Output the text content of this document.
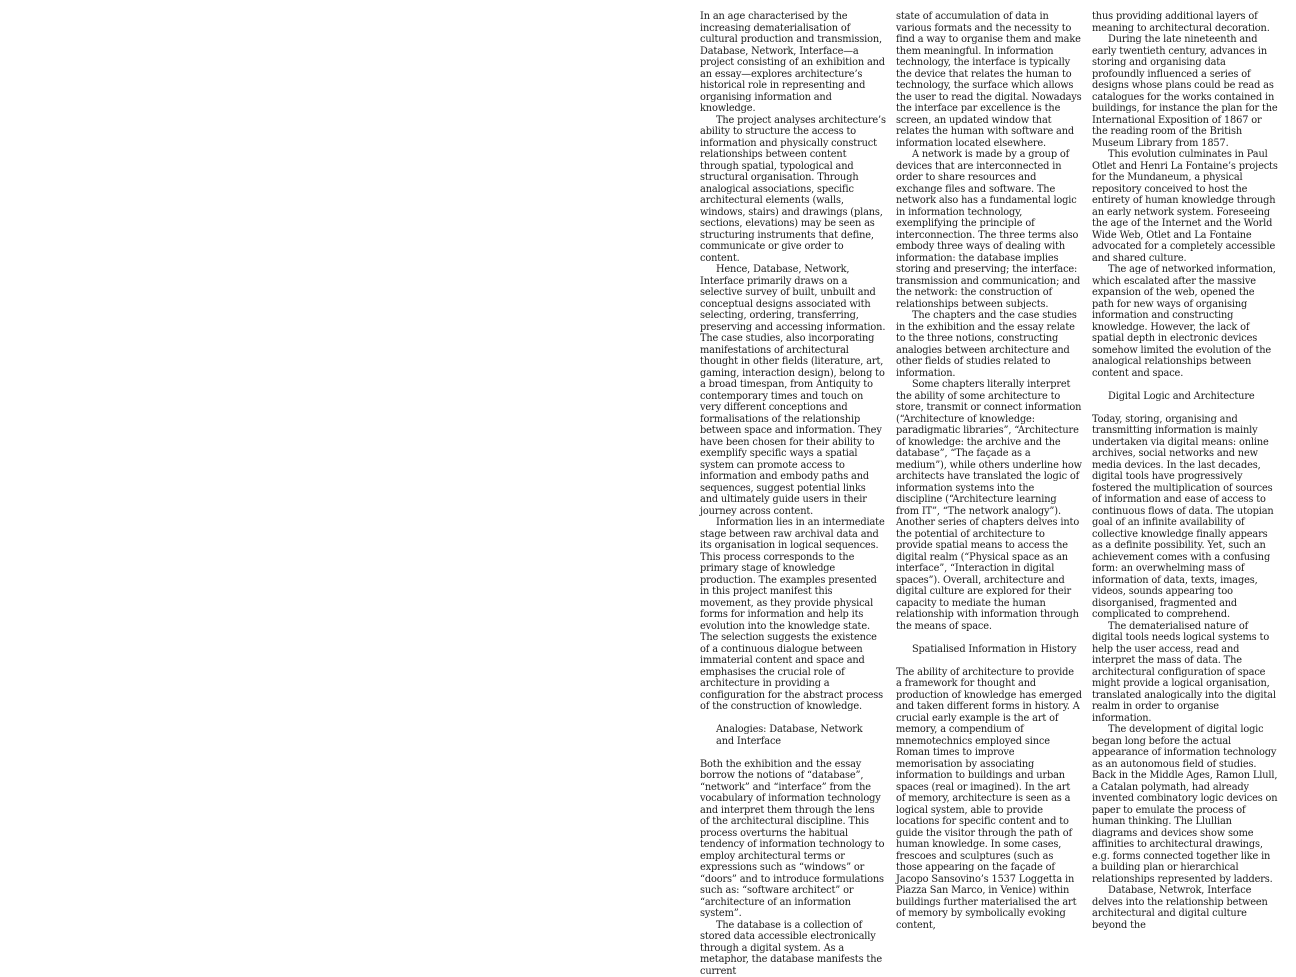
In an age characterised by the increasing dematerialisation of cultural production and transmission, Database, Network, Interface—a project consisting of an exhibition and an essay—explores architecture’s historical role in representing and organising information and knowledge.

The project analyses architecture’s ability to structure the access to information and physically construct relationships between content through spatial, typological and structural organisation. Through analogical associations, specific architectural elements (walls, windows, stairs) and drawings (plans, sections, elevations) may be seen as structuring instruments that define, communicate or give order to content.

Hence, Database, Network, Interface primarily draws on a selective survey of built, unbuilt and conceptual designs associated with selecting, ordering, transferring, preserving and accessing information. The case studies, also incorporating manifestations of architectural thought in other fields (literature, art, gaming, interaction design), belong to a broad timespan, from Antiquity to contemporary times and touch on very different conceptions and formalisations of the relationship between space and information. They have been chosen for their ability to exemplify specific ways a spatial system can promote access to information and embody paths and sequences, suggest potential links and ultimately guide users in their journey across content.

Information lies in an intermediate stage between raw archival data and its organisation in logical sequences. This process corresponds to the primary stage of knowledge production. The examples presented in this project manifest this movement, as they provide physical forms for information and help its evolution into the knowledge state. The selection suggests the existence of a continuous dialogue between immaterial content and space and emphasises the crucial role of architecture in providing a configuration for the abstract process of the construction of knowledge.

Analogies: Database, Network
and Interface

Both the exhibition and the essay borrow the notions of “database”, “network” and “interface” from the vocabulary of information technology and interpret them through the lens of the architectural discipline. This process overturns the habitual tendency of information technology to employ architectural terms or expressions such as “windows” or “doors” and to introduce formulations such as: “software architect” or “architecture of an information system”.

The database is a collection of stored data accessible electronically through a digital system. As a metaphor, the database manifests the current

state of accumulation of data in various formats and the necessity to find a way to organise them and make them meaningful. In information technology, the interface is typically the device that relates the human to technology, the surface which allows the user to read the digital. Nowadays the interface par excellence is the screen, an updated window that relates the human with software and information located elsewhere.

A network is made by a group of devices that are interconnected in order to share resources and exchange files and software. The network also has a fundamental logic in information technology, exemplifying the principle of interconnection. The three terms also embody three ways of dealing with information: the database implies storing and preserving; the interface: transmission and communication; and the network: the construction of relationships between subjects.

The chapters and the case studies in the exhibition and the essay relate to the three notions, constructing analogies between architecture and other fields of studies related to information.

Some chapters literally interpret the ability of some architecture to store, transmit or connect information (“Architecture of knowledge: paradigmatic libraries”, “Architecture of knowledge: the archive and the database”, “The façade as a medium”), while others underline how architects have translated the logic of information systems into the discipline (“Architecture learning from IT”, “The network analogy”). Another series of chapters delves into the potential of architecture to provide spatial means to access the digital realm (“Physical space as an interface”, “Interaction in digital spaces”). Overall, architecture and digital culture are explored for their capacity to mediate the human relationship with information through the means of space.

Spatialised Information in History

The ability of architecture to provide a framework for thought and production of knowledge has emerged and taken different forms in history. A crucial early example is the art of memory, a compendium of mnemotechnics employed since Roman times to improve memorisation by associating information to buildings and urban spaces (real or imagined). In the art of memory, architecture is seen as a logical system, able to provide locations for specific content and to guide the visitor through the path of human knowledge. In some cases, frescoes and sculptures (such as those appearing on the façade of Jacopo Sansovino’s 1537 Loggetta in Piazza San Marco, in Venice) within buildings further materialised the art of memory by symbolically evoking content,

thus providing additional layers of meaning to architectural decoration.

During the late nineteenth and early twentieth century, advances in storing and organising data profoundly influenced a series of designs whose plans could be read as catalogues for the works contained in buildings, for instance the plan for the International Exposition of 1867 or the reading room of the British Museum Library from 1857.

This evolution culminates in Paul Otlet and Henri La Fontaine’s projects for the Mundaneum, a physical repository conceived to host the entirety of human knowledge through an early network system. Foreseeing the age of the Internet and the World Wide Web, Otlet and La Fontaine advocated for a completely accessible and shared culture.

The age of networked information, which escalated after the massive expansion of the web, opened the path for new ways of organising information and constructing knowledge. However, the lack of spatial depth in electronic devices somehow limited the evolution of the analogical relationships between content and space.

Digital Logic and Architecture

Today, storing, organising and transmitting information is mainly undertaken via digital means: online archives, social networks and new media devices. In the last decades, digital tools have progressively fostered the multiplication of sources of information and ease of access to continuous flows of data. The utopian goal of an infinite availability of collective knowledge finally appears as a definite possibility. Yet, such an achievement comes with a confusing form: an overwhelming mass of information of data, texts, images, videos, sounds appearing too disorganised, fragmented and complicated to comprehend.

The dematerialised nature of digital tools needs logical systems to help the user access, read and interpret the mass of data. The architectural configuration of space might provide a logical organisation, translated analogically into the digital realm in order to organise information.

The development of digital logic began long before the actual appearance of information technology as an autonomous field of studies. Back in the Middle Ages, Ramon Llull, a Catalan polymath, had already invented combinatory logic devices on paper to emulate the process of human thinking. The Llullian diagrams and devices show some affinities to architectural drawings, e.g. forms connected together like in a building plan or hierarchical relationships represented by ladders.

Database, Netwrok, Interface delves into the relationship between architectural and digital culture beyond the
